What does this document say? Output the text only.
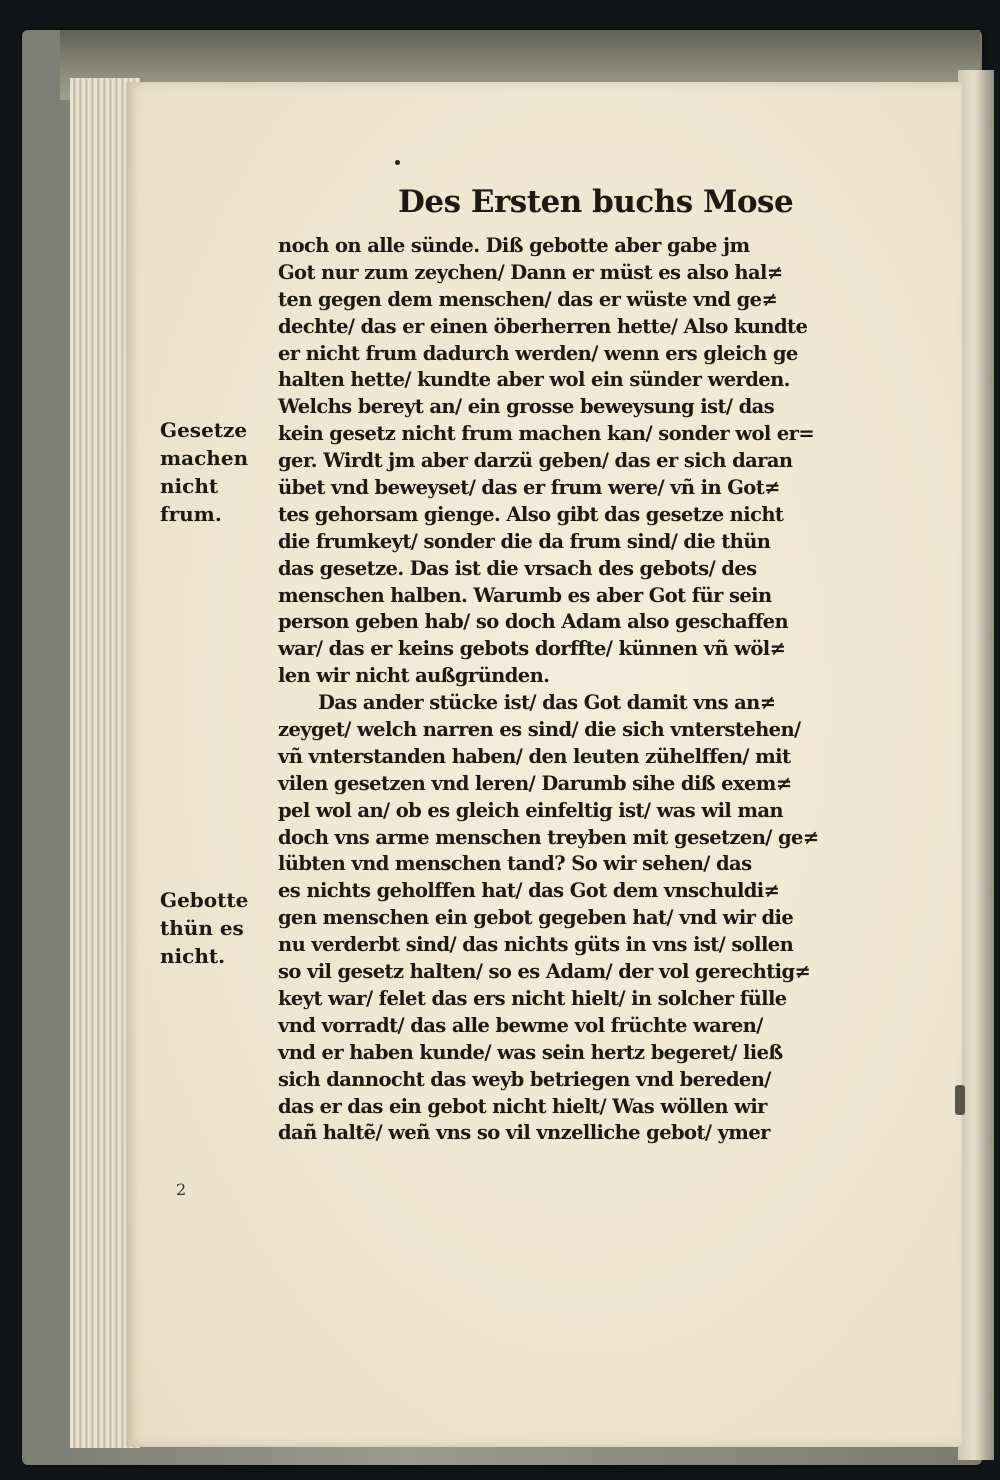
Des Ersten buchs Mose
noch on alle sünde. Diß gebotte aber gabe jm
Got nur zum zeychen/ Dann er müst es also hal≠
ten gegen dem menschen/ das er wüste vnd ge≠
dechte/ das er einen öberherren hette/ Also kundte
er nicht frum dadurch werden/ wenn ers gleich ge
halten hette/ kundte aber wol ein sünder werden.
Welchs bereyt an/ ein grosse beweysung ist/ das
kein gesetz nicht frum machen kan/ sonder wol er=
ger. Wirdt jm aber darzü geben/ das er sich daran
übet vnd beweyset/ das er frum were/ vñ in Got≠
tes gehorsam gienge. Also gibt das gesetze nicht
die frumkeyt/ sonder die da frum sind/ die thün
das gesetze. Das ist die vrsach des gebots/ des
menschen halben. Warumb es aber Got für sein
person geben hab/ so doch Adam also geschaffen
war/ das er keins gebots dorffte/ künnen vñ wöl≠
len wir nicht außgründen.
Das ander stücke ist/ das Got damit vns an≠
zeyget/ welch narren es sind/ die sich vnterstehen/
vñ vnterstanden haben/ den leuten zühelffen/ mit
vilen gesetzen vnd leren/ Darumb sihe diß exem≠
pel wol an/ ob es gleich einfeltig ist/ was wil man
doch vns arme menschen treyben mit gesetzen/ ge≠
lübten vnd menschen tand? So wir sehen/ das
es nichts geholffen hat/ das Got dem vnschuldi≠
gen menschen ein gebot gegeben hat/ vnd wir die
nu verderbt sind/ das nichts güts in vns ist/ sollen
so vil gesetz halten/ so es Adam/ der vol gerechtig≠
keyt war/ felet das ers nicht hielt/ in solcher fülle
vnd vorradt/ das alle bewme vol früchte waren/
vnd er haben kunde/ was sein hertz begeret/ ließ
sich dannocht das weyb betriegen vnd bereden/
das er das ein gebot nicht hielt/ Was wöllen wir
dañ haltẽ/ weñ vns so vil vnzelliche gebot/ ymer
Gesetze
machen
nicht
frum.
Gebotte
thün es
nicht.
2
